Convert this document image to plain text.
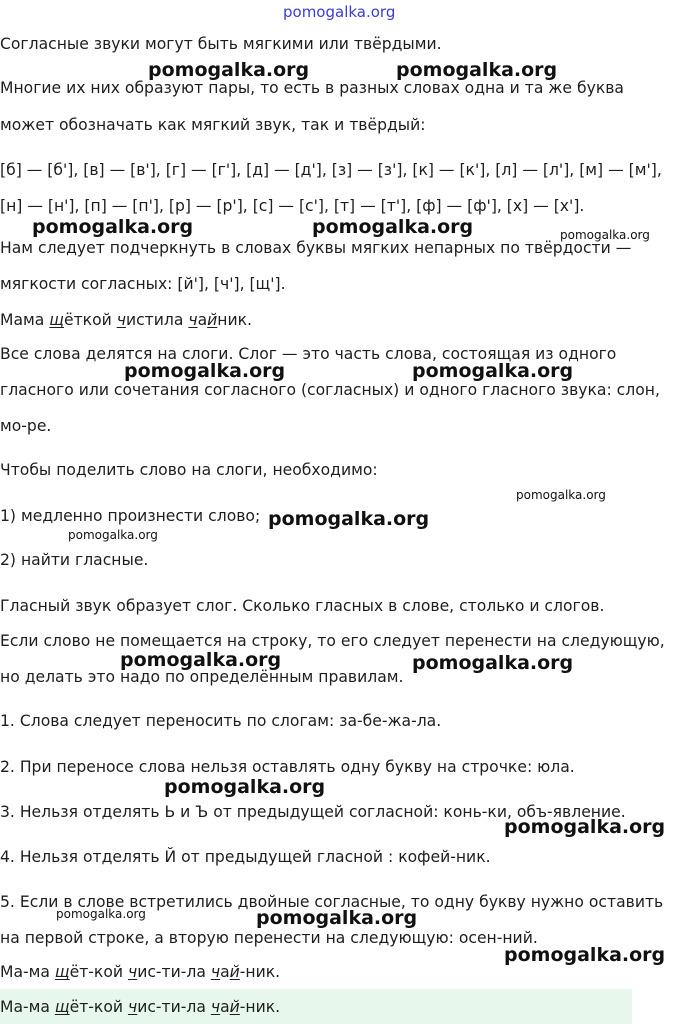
pomogalka.org

Согласные звуки могут быть мягкими или твёрдыми.

Многие их них образуют пары, то есть в разных словах одна и та же буква

может обозначать как мягкий звук, так и твёрдый:

[б] — [б'], [в] — [в'], [г] — [г'], [д] — [д'], [з] — [з'], [к] — [к'], [л] — [л'], [м] — [м'],

[н] — [н'], [п] — [п'], [р] — [р'], [с] — [с'], [т] — [т'], [ф] — [ф'], [х] — [х'].

Нам следует подчеркнуть в словах буквы мягких непарных по твёрдости —

мягкости согласных: [й'], [ч'], [щ'].

Мама щёткой чистила чайник.

Все слова делятся на слоги. Слог — это часть слова, состоящая из одного

гласного или сочетания согласного (согласных) и одного гласного звука: слон,

мо-ре.

Чтобы поделить слово на слоги, необходимо:

1) медленно произнести слово;

2) найти гласные.

Гласный звук образует слог. Сколько гласных в слове, столько и слогов.

Если слово не помещается на строку, то его следует перенести на следующую,

но делать это надо по определённым правилам.

1. Слова следует переносить по слогам: за-бе-жа-ла.

2. При переносе слова нельзя оставлять одну букву на строчке: юла.

3. Нельзя отделять Ь и Ъ от предыдущей согласной: конь-ки, объ-явление.

4. Нельзя отделять Й от предыдущей гласной : кофей-ник.

5. Если в слове встретились двойные согласные, то одну букву нужно оставить

на первой строке, а вторую перенести на следующую: осен-ний.

Ма-ма щёт-кой чис-ти-ла чай-ник.

Ма-ма щёт-кой чис-ти-ла чай-ник.

pomogalka.org	pomogalka.org
pomogalka.org	pomogalka.org	pomogalka.org
pomogalka.org	pomogalka.org
pomogalka.org
pomogalka.org
pomogalka.org
pomogalka.org	pomogalka.org
pomogalka.org
pomogalka.org
pomogalka.org	pomogalka.org
pomogalka.org
